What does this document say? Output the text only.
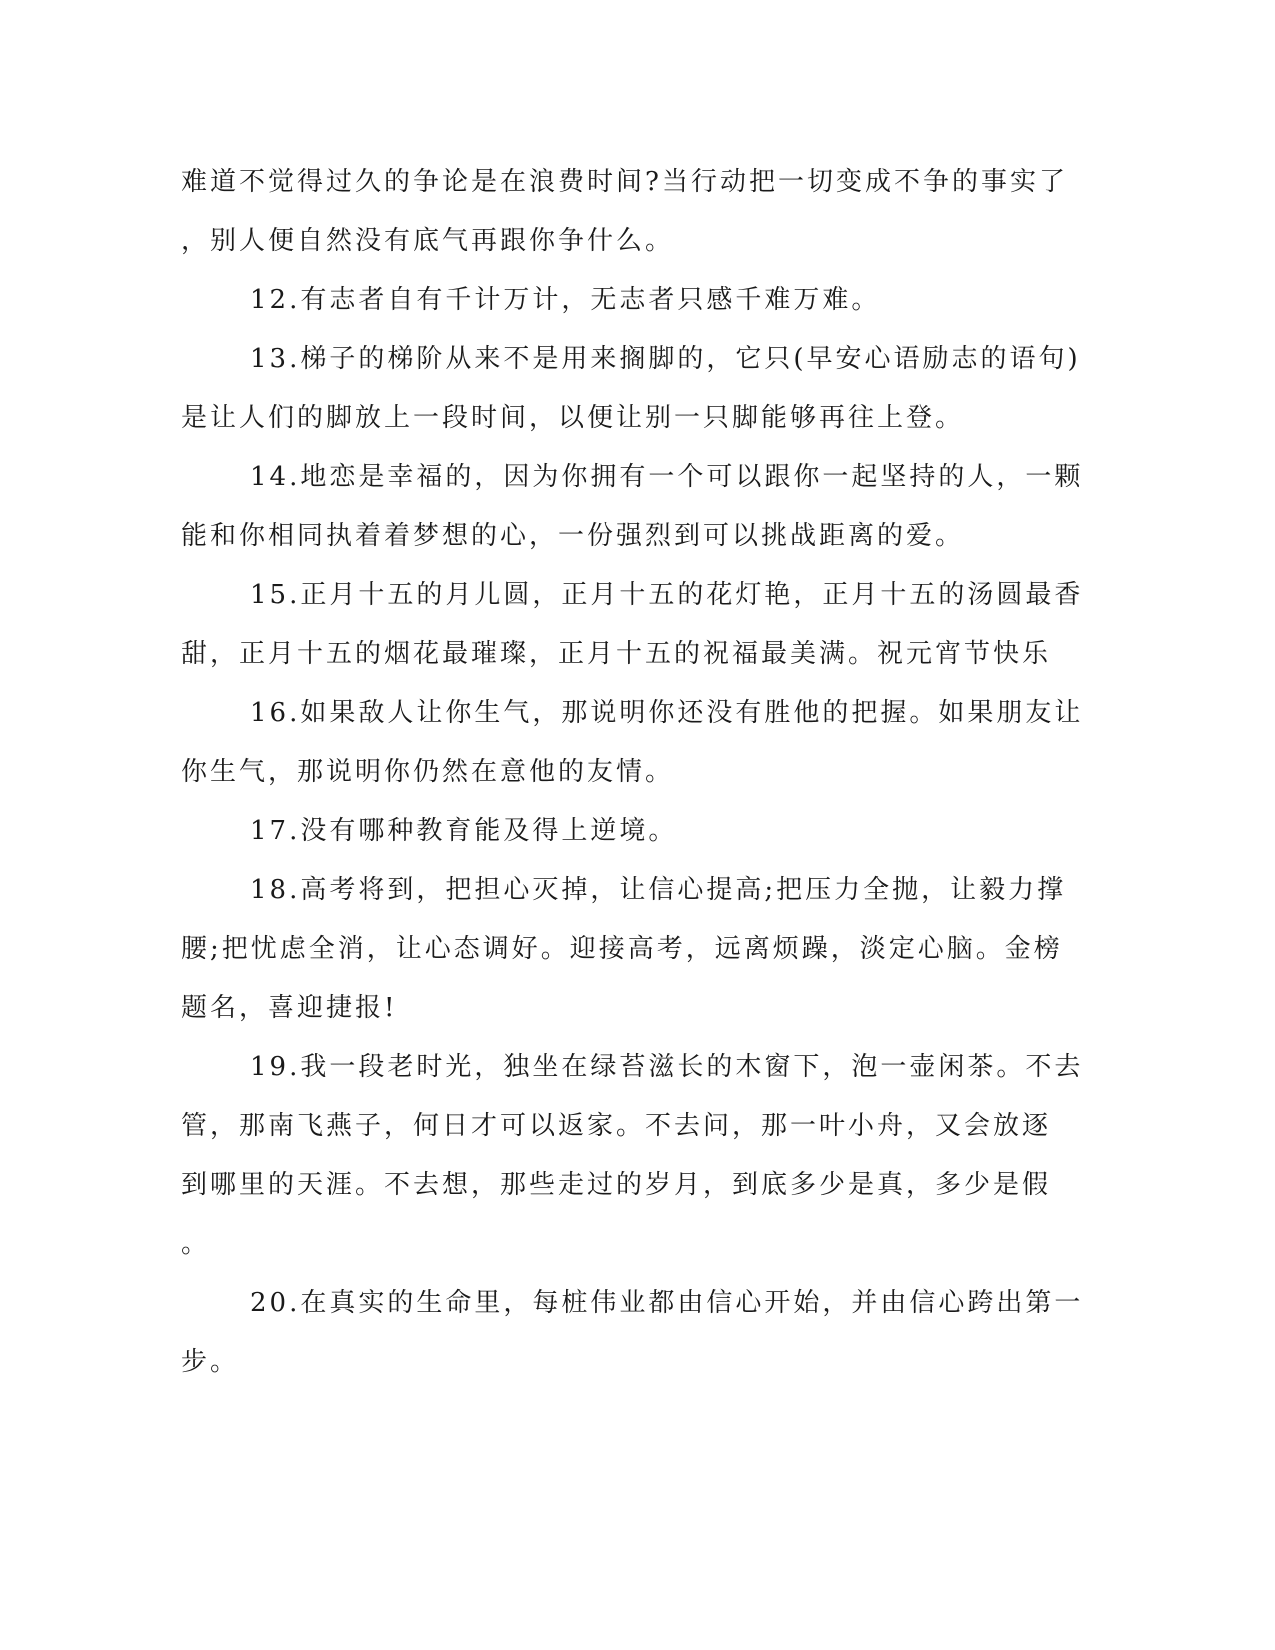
难道不觉得过久的争论是在浪费时间?当行动把一切变成不争的事实了

，别人便自然没有底气再跟你争什么。

12.有志者自有千计万计，无志者只感千难万难。

13.梯子的梯阶从来不是用来搁脚的，它只(早安心语励志的语句)

是让人们的脚放上一段时间，以便让别一只脚能够再往上登。

14.地恋是幸福的，因为你拥有一个可以跟你一起坚持的人，一颗

能和你相同执着着梦想的心，一份强烈到可以挑战距离的爱。

15.正月十五的月儿圆，正月十五的花灯艳，正月十五的汤圆最香

甜，正月十五的烟花最璀璨，正月十五的祝福最美满。祝元宵节快乐

16.如果敌人让你生气，那说明你还没有胜他的把握。如果朋友让

你生气，那说明你仍然在意他的友情。

17.没有哪种教育能及得上逆境。

18.高考将到，把担心灭掉，让信心提高;把压力全抛，让毅力撑

腰;把忧虑全消，让心态调好。迎接高考，远离烦躁，淡定心脑。金榜

题名，喜迎捷报!

19.我一段老时光，独坐在绿苔滋长的木窗下，泡一壶闲茶。不去

管，那南飞燕子，何日才可以返家。不去问，那一叶小舟，又会放逐

到哪里的天涯。不去想，那些走过的岁月，到底多少是真，多少是假

。

20.在真实的生命里，每桩伟业都由信心开始，并由信心跨出第一

步。
